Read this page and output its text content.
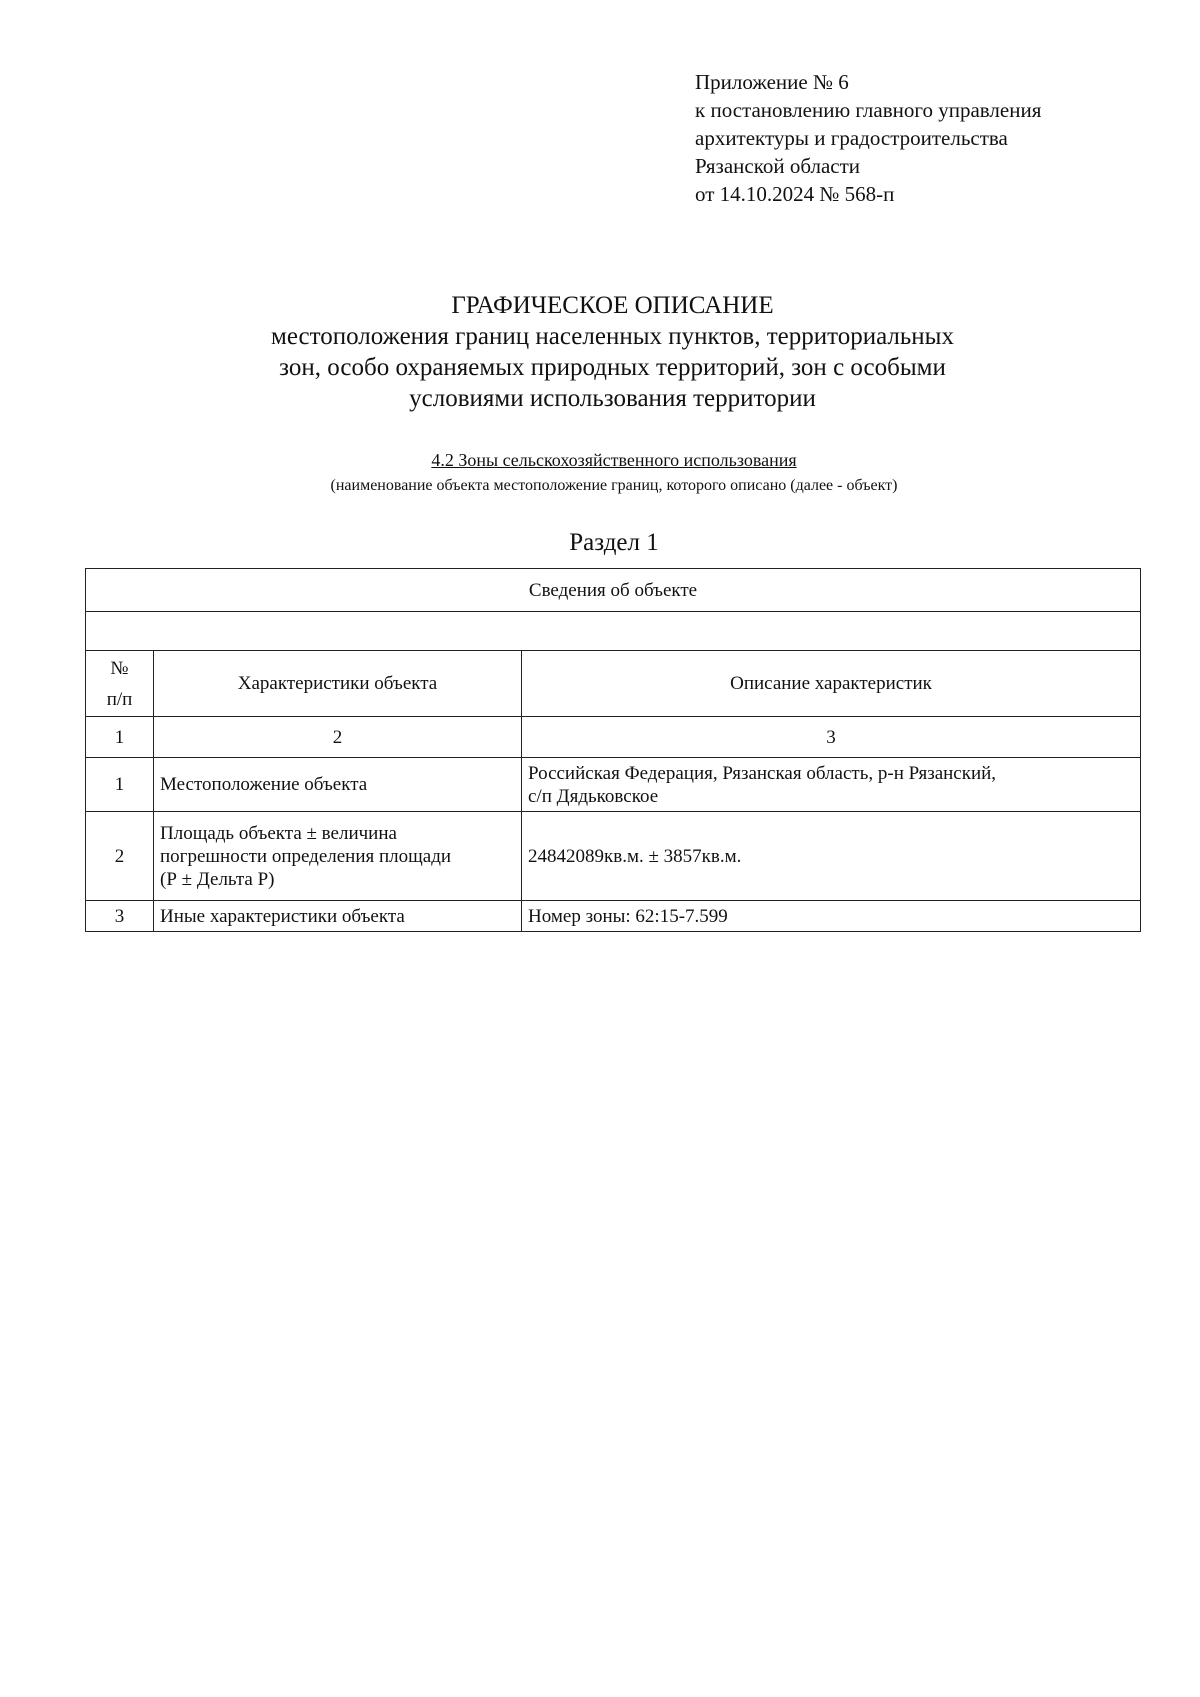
Приложение № 6
к постановлению главного управления
архитектуры и градостроительства
Рязанской области
от 14.10.2024 № 568-п
ГРАФИЧЕСКОЕ ОПИСАНИЕ
местоположения границ населенных пунктов, территориальных
зон, особо охраняемых природных территорий, зон с особыми
условиями использования территории
4.2 Зоны сельскохозяйственного использования
(наименование объекта местоположение границ, которого описано (далее - объект)
Раздел 1
Сведения об объекте		

№
п/п	Характеристики объекта	Описание характеристик
1	2	3
1	Местоположение объекта	Российская Федерация, Рязанская область, р-н Рязанский,
с/п Дядьковское

2	Площадь объекта ± величина
погрешности определения площади
(Р ± Дельта Р)	24842089кв.м. ± 3857кв.м.
3	Иные характеристики объекта	Номер зоны: 62:15-7.599
